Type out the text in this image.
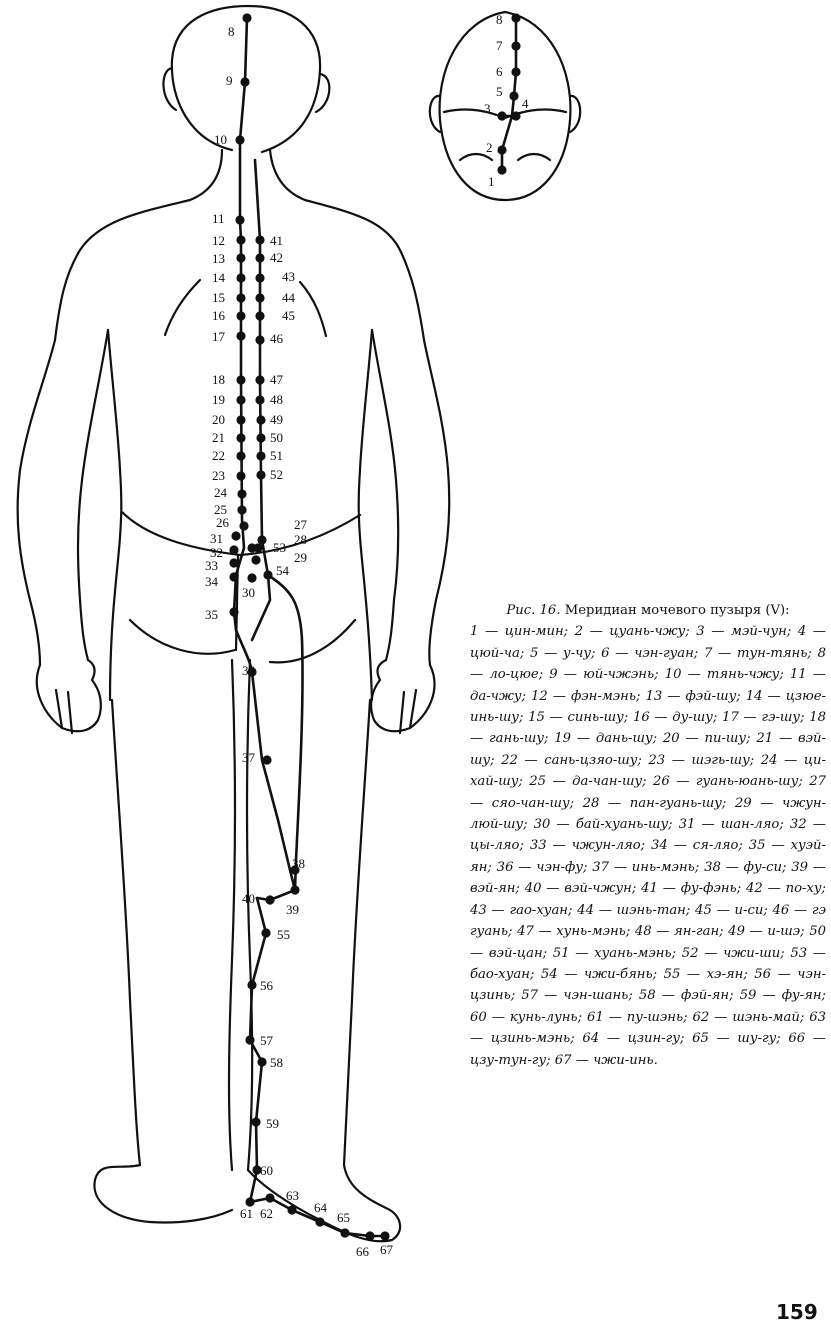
8
9
10
11
12
13
14
15
16
17
18
19
20
21
22
23
24
25
26
41
42
43
44
45
46
47
48
49
50
51
52
27
28
29
30
31
32
33
34
35
53
54
36
37
38
39
40
55
56
57
58
59
60
61 62
63
64
65
66 67
1
2
3 4
5
6
7
8

Рис. 16. Меридиан мочевого пузыря (V):

1 — цин-мин; 2 — цуань-чжу; 3 — мэй-чун; 4 — цюй-ча; 5 — у-чу; 6 — чэн-гуан; 7 — тун-тянь; 8 — ло-цюе; 9 — юй-чжэнь; 10 — тянь-чжу; 11 — да-чжу; 12 — фэн-мэнь; 13 — фэй-шу; 14 — цзюе-инь-шу; 15 — синь-шу; 16 — ду-шу; 17 — гэ-шу; 18 — гань-шу; 19 — дань-шу; 20 — пи-шу; 21 — вэй-шу; 22 — сань-цзяо-шу; 23 — шэгь-шу; 24 — ци-хай-шу; 25 — да-чан-шу; 26 — гуань-юань-шу; 27 — сяо-чан-шу; 28 — пан-гуань-шу; 29 — чжун-люй-шу; 30 — бай-хуань-шу; 31 — шан-ляо; 32 — цы-ляо; 33 — чжун-ляо; 34 — ся-ляо; 35 — хуэй-ян; 36 — чэн-фу; 37 — инь-мэнь; 38 — фу-си; 39 — вэй-ян; 40 — вэй-чжун; 41 — фу-фэнь; 42 — по-ху; 43 — гао-хуан; 44 — шэнь-тан; 45 — и-си; 46 — гэ гуань; 47 — хунь-мэнь; 48 — ян-ган; 49 — и-шэ; 50 — вэй-цан; 51 — хуань-мэнь; 52 — чжи-ши; 53 — бао-хуан; 54 — чжи-бянь; 55 — хэ-ян; 56 — чэн-цзинь; 57 — чэн-шань; 58 — фэй-ян; 59 — фу-ян; 60 — кунь-лунь; 61 — пу-шэнь; 62 — шэнь-май; 63 — цзинь-мэнь; 64 — цзин-гу; 65 — шу-гу; 66 — цзу-тун-гу; 67 — чжи-инь.

159
